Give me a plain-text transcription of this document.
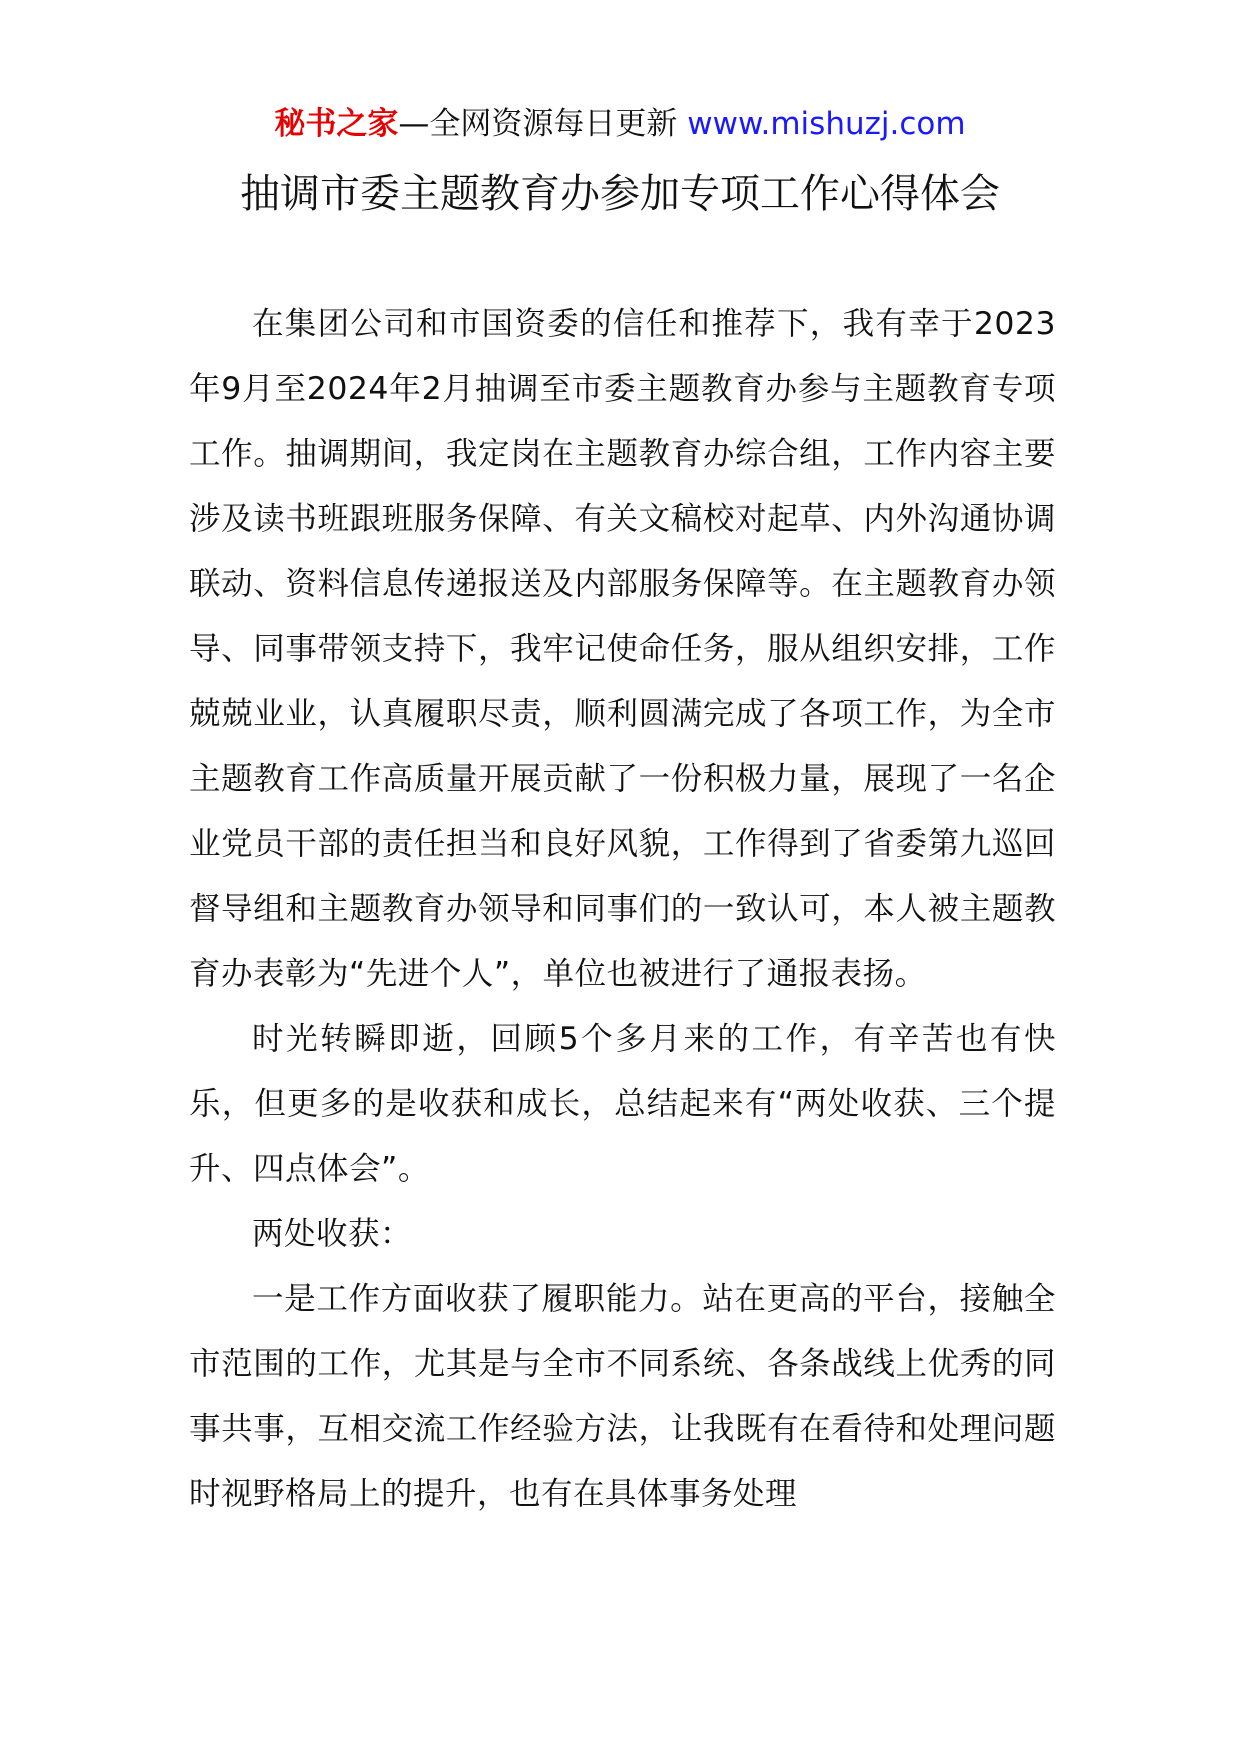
秘书之家—全网资源每日更新 www.mishuzj.com
抽调市委主题教育办参加专项工作心得体会

在集团公司和市国资委的信任和推荐下，我有幸于2023年9月至2024年2月抽调至市委主题教育办参与主题教育专项工作。抽调期间，我定岗在主题教育办综合组，工作内容主要涉及读书班跟班服务保障、有关文稿校对起草、内外沟通协调联动、资料信息传递报送及内部服务保障等。在主题教育办领导、同事带领支持下，我牢记使命任务，服从组织安排，工作兢兢业业，认真履职尽责，顺利圆满完成了各项工作，为全市主题教育工作高质量开展贡献了一份积极力量，展现了一名企业党员干部的责任担当和良好风貌，工作得到了省委第九巡回督导组和主题教育办领导和同事们的一致认可，本人被主题教育办表彰为“先进个人”，单位也被进行了通报表扬。

时光转瞬即逝，回顾5个多月来的工作，有辛苦也有快乐，但更多的是收获和成长，总结起来有“两处收获、三个提升、四点体会”。

两处收获：

一是工作方面收获了履职能力。站在更高的平台，接触全市范围的工作，尤其是与全市不同系统、各条战线上优秀的同事共事，互相交流工作经验方法，让我既有在看待和处理问题时视野格局上的提升，也有在具体事务处理
